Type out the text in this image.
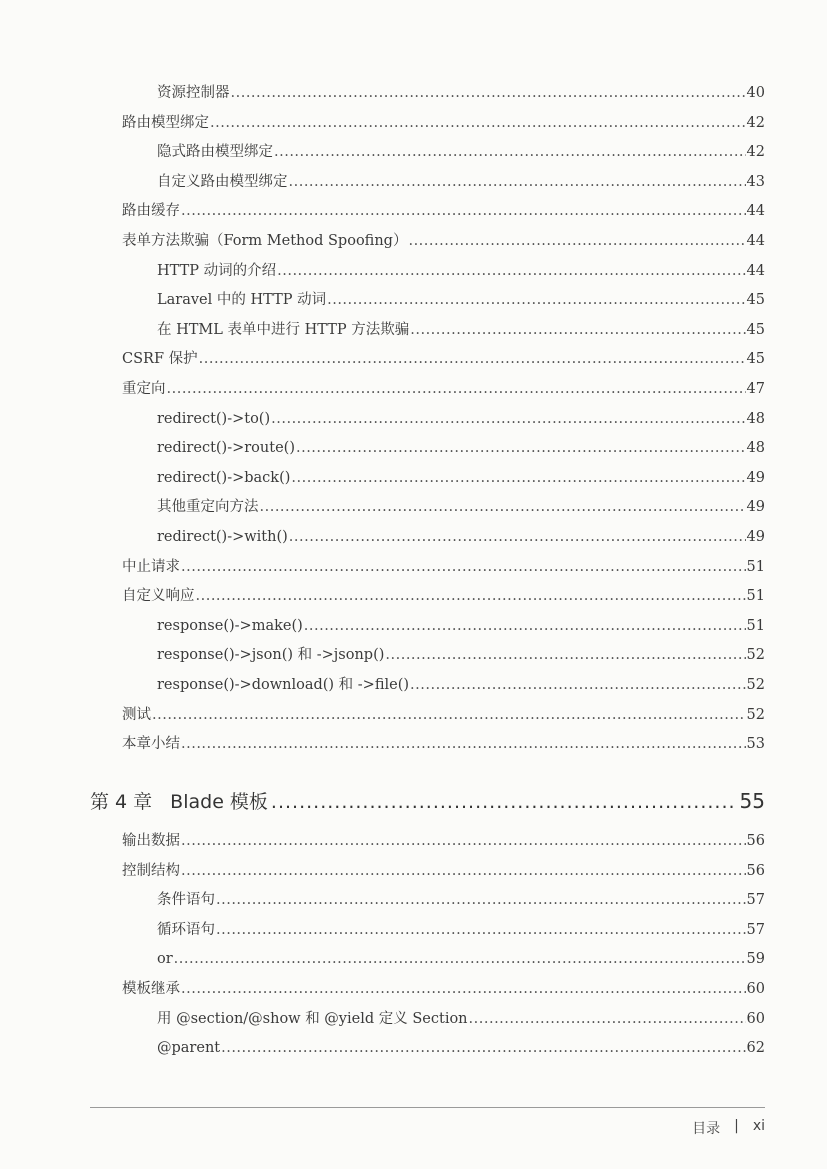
资源控制器 .....	40
路由模型绑定 .....	42
隐式路由模型绑定 .....	42
自定义路由模型绑定 .....	43
路由缓存 .....	44
表单方法欺骗（Form Method Spoofing） .....	44
HTTP 动词的介绍 .....	44
Laravel 中的 HTTP 动词 .....	45
在 HTML 表单中进行 HTTP 方法欺骗 .....	45
CSRF 保护 .....	45
重定向 .....	47
redirect()->to() .....	48
redirect()->route() .....	48
redirect()->back() .....	49
其他重定向方法 .....	49
redirect()->with() .....	49
中止请求 .....	51
自定义响应 .....	51
response()->make() .....	51
response()->json() 和 ->jsonp() .....	52
response()->download() 和 ->file() .....	52
测试 .....	52
本章小结 .....	53
第 4 章 Blade 模板 .....	55
输出数据 .....	56
控制结构 .....	56
条件语句 .....	57
循环语句 .....	57
or .....	59
模板继承 .....	60
用 @section/@show 和 @yield 定义 Section .....	60
@parent .....	62
目录 | xi
